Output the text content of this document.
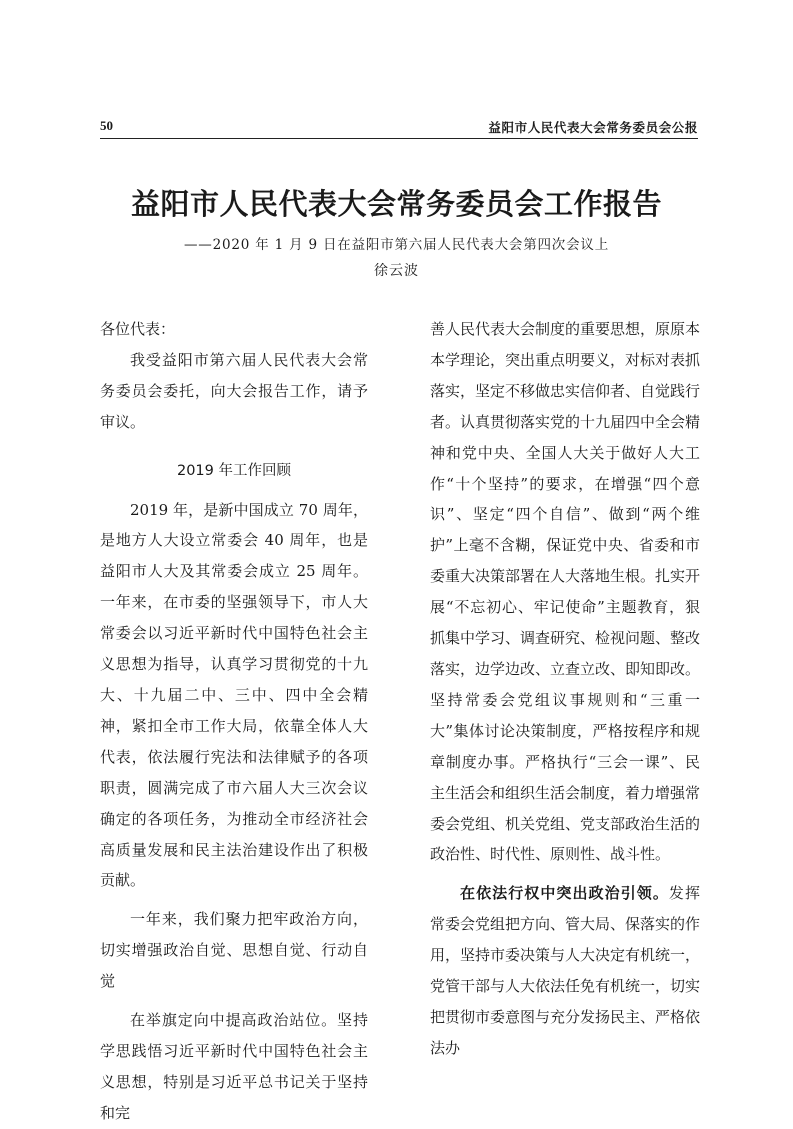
50	益阳市人民代表大会常务委员会公报
益阳市人民代表大会常务委员会工作报告
——2020 年 1 月 9 日在益阳市第六届人民代表大会第四次会议上
徐云波

各位代表：

我受益阳市第六届人民代表大会常务委员会委托，向大会报告工作，请予审议。

2019 年工作回顾

2019 年，是新中国成立 70 周年，是地方人大设立常委会 40 周年，也是益阳市人大及其常委会成立 25 周年。一年来，在市委的坚强领导下，市人大常委会以习近平新时代中国特色社会主义思想为指导，认真学习贯彻党的十九大、十九届二中、三中、四中全会精神，紧扣全市工作大局，依靠全体人大代表，依法履行宪法和法律赋予的各项职责，圆满完成了市六届人大三次会议确定的各项任务，为推动全市经济社会高质量发展和民主法治建设作出了积极贡献。

一年来，我们聚力把牢政治方向，切实增强政治自觉、思想自觉、行动自觉

在举旗定向中提高政治站位。坚持学思践悟习近平新时代中国特色社会主义思想，特别是习近平总书记关于坚持和完

善人民代表大会制度的重要思想，原原本本学理论，突出重点明要义，对标对表抓落实，坚定不移做忠实信仰者、自觉践行者。认真贯彻落实党的十九届四中全会精神和党中央、全国人大关于做好人大工作“十个坚持”的要求，在增强“四个意识”、坚定“四个自信”、做到“两个维护”上毫不含糊，保证党中央、省委和市委重大决策部署在人大落地生根。扎实开展“不忘初心、牢记使命”主题教育，狠抓集中学习、调查研究、检视问题、整改落实，边学边改、立查立改、即知即改。坚持常委会党组议事规则和“三重一大”集体讨论决策制度，严格按程序和规章制度办事。严格执行“三会一课”、民主生活会和组织生活会制度，着力增强常委会党组、机关党组、党支部政治生活的政治性、时代性、原则性、战斗性。

在依法行权中突出政治引领。发挥常委会党组把方向、管大局、保落实的作用，坚持市委决策与人大决定有机统一，党管干部与人大依法任免有机统一，切实把贯彻市委意图与充分发扬民主、严格依法办
